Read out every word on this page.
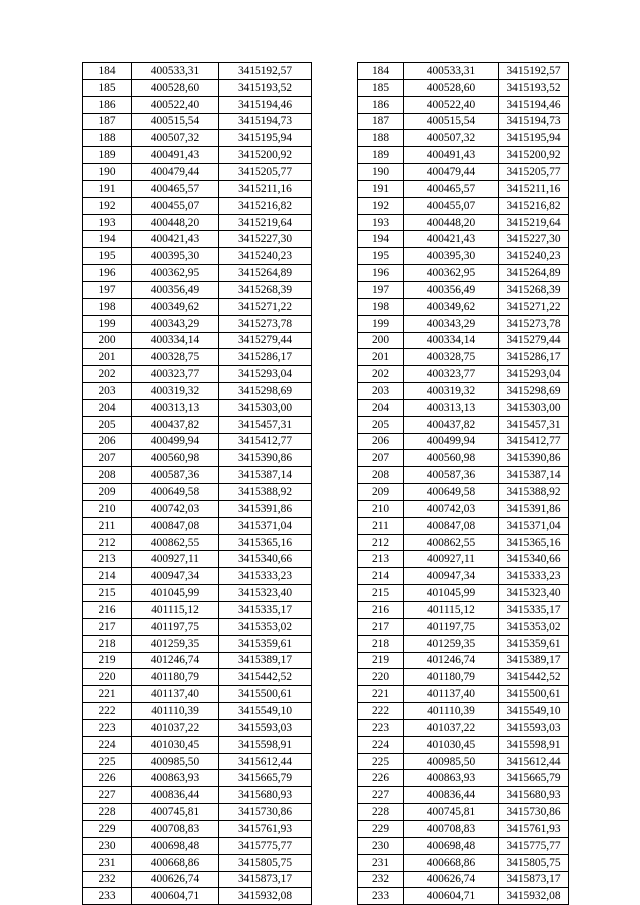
184	400533,31	3415192,57		184	400533,31	3415192,57
185	400528,60	3415193,52		185	400528,60	3415193,52
186	400522,40	3415194,46		186	400522,40	3415194,46
187	400515,54	3415194,73		187	400515,54	3415194,73
188	400507,32	3415195,94		188	400507,32	3415195,94
189	400491,43	3415200,92		189	400491,43	3415200,92
190	400479,44	3415205,77		190	400479,44	3415205,77
191	400465,57	3415211,16		191	400465,57	3415211,16
192	400455,07	3415216,82		192	400455,07	3415216,82
193	400448,20	3415219,64		193	400448,20	3415219,64
194	400421,43	3415227,30		194	400421,43	3415227,30
195	400395,30	3415240,23		195	400395,30	3415240,23
196	400362,95	3415264,89		196	400362,95	3415264,89
197	400356,49	3415268,39		197	400356,49	3415268,39
198	400349,62	3415271,22		198	400349,62	3415271,22
199	400343,29	3415273,78		199	400343,29	3415273,78
200	400334,14	3415279,44		200	400334,14	3415279,44
201	400328,75	3415286,17		201	400328,75	3415286,17
202	400323,77	3415293,04		202	400323,77	3415293,04
203	400319,32	3415298,69		203	400319,32	3415298,69
204	400313,13	3415303,00		204	400313,13	3415303,00
205	400437,82	3415457,31		205	400437,82	3415457,31
206	400499,94	3415412,77		206	400499,94	3415412,77
207	400560,98	3415390,86		207	400560,98	3415390,86
208	400587,36	3415387,14		208	400587,36	3415387,14
209	400649,58	3415388,92		209	400649,58	3415388,92
210	400742,03	3415391,86		210	400742,03	3415391,86
211	400847,08	3415371,04		211	400847,08	3415371,04
212	400862,55	3415365,16		212	400862,55	3415365,16
213	400927,11	3415340,66		213	400927,11	3415340,66
214	400947,34	3415333,23		214	400947,34	3415333,23
215	401045,99	3415323,40		215	401045,99	3415323,40
216	401115,12	3415335,17		216	401115,12	3415335,17
217	401197,75	3415353,02		217	401197,75	3415353,02
218	401259,35	3415359,61		218	401259,35	3415359,61
219	401246,74	3415389,17		219	401246,74	3415389,17
220	401180,79	3415442,52		220	401180,79	3415442,52
221	401137,40	3415500,61		221	401137,40	3415500,61
222	401110,39	3415549,10		222	401110,39	3415549,10
223	401037,22	3415593,03		223	401037,22	3415593,03
224	401030,45	3415598,91		224	401030,45	3415598,91
225	400985,50	3415612,44		225	400985,50	3415612,44
226	400863,93	3415665,79		226	400863,93	3415665,79
227	400836,44	3415680,93		227	400836,44	3415680,93
228	400745,81	3415730,86		228	400745,81	3415730,86
229	400708,83	3415761,93		229	400708,83	3415761,93
230	400698,48	3415775,77		230	400698,48	3415775,77
231	400668,86	3415805,75		231	400668,86	3415805,75
232	400626,74	3415873,17		232	400626,74	3415873,17
233	400604,71	3415932,08		233	400604,71	3415932,08
